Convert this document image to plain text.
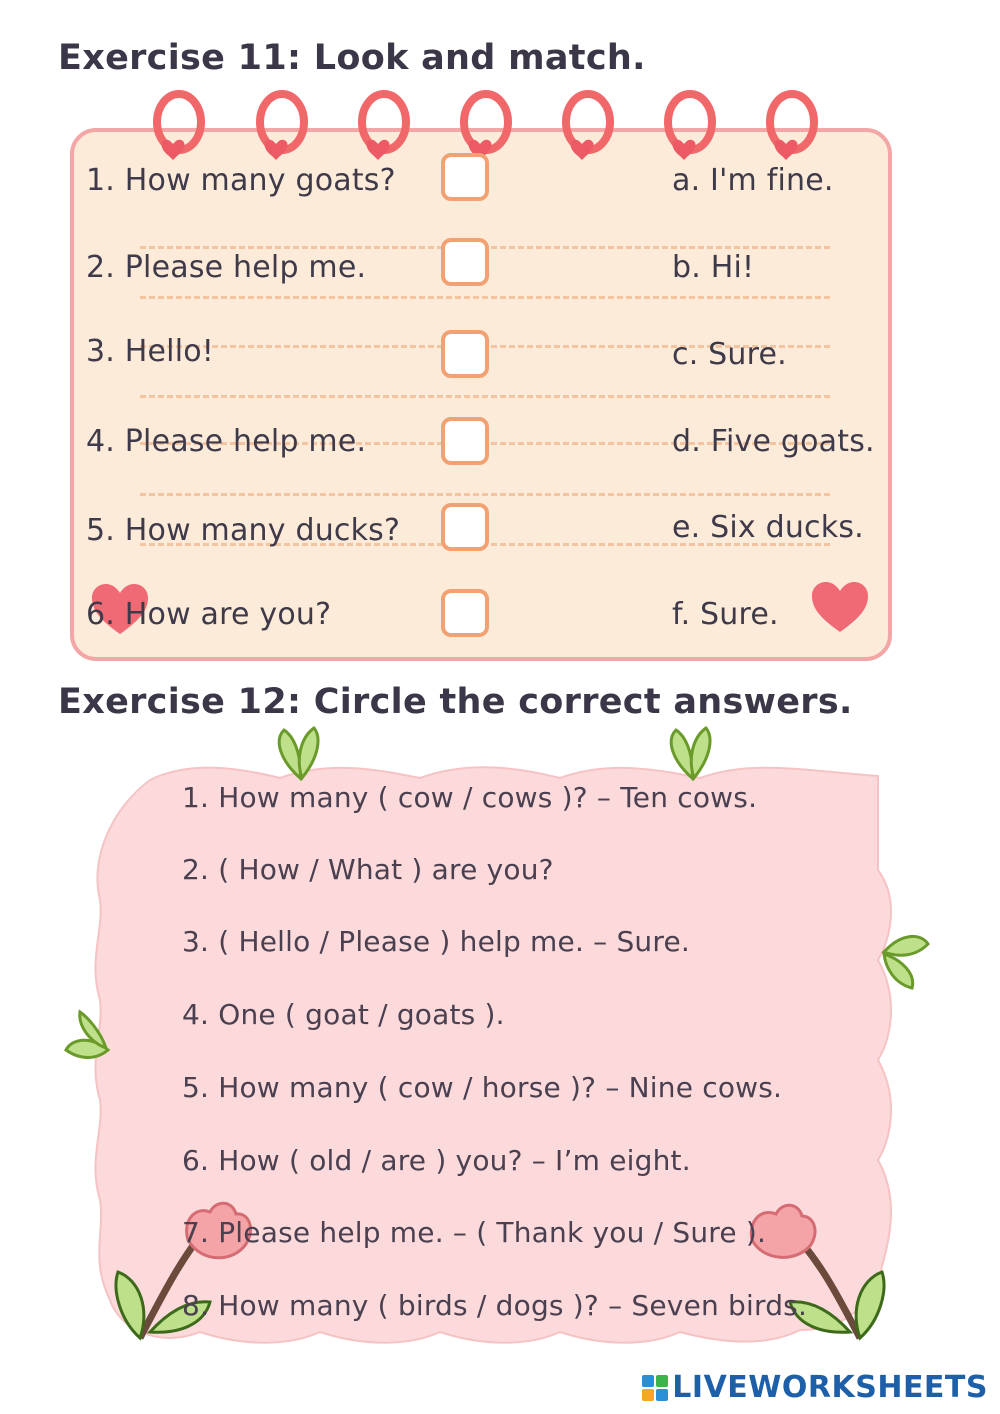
Exercise 11: Look and match.
1. How many goats?
2. Please help me.
3. Hello!
4. Please help me.
5. How many ducks?
6. How are you?
a. I'm fine.
b. Hi!
c. Sure.
d. Five goats.
e. Six ducks.
f. Sure.
Exercise 12: Circle the correct answers.
1. How many ( cow / cows )? – Ten cows.
2. ( How / What ) are you?
3. ( Hello / Please ) help me. – Sure.
4. One ( goat / goats ).
5. How many ( cow / horse )? – Nine cows.
6. How ( old / are ) you? – I’m eight.
7. Please help me. – ( Thank you / Sure ).
8. How many ( birds / dogs )? – Seven birds.
LIVEWORKSHEETS
